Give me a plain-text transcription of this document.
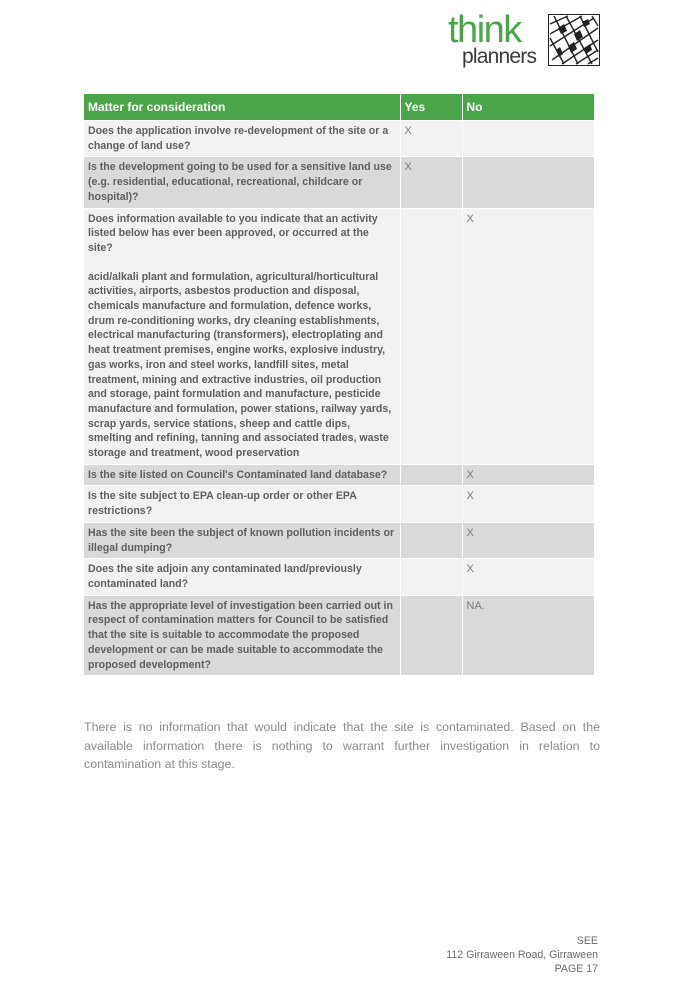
think
planners
Matter for consideration	Yes	No
Does the application involve re-development of the site or a change of land use?	X	
Is the development going to be used for a sensitive land use (e.g. residential, educational, recreational, childcare or hospital)?	X	
Does information available to you indicate that an activity listed below has ever been approved, or occurred at the site?
acid/alkali plant and formulation, agricultural/horticultural activities, airports, asbestos production and disposal, chemicals manufacture and formulation, defence works, drum re-conditioning works, dry cleaning establishments, electrical manufacturing (transformers), electroplating and heat treatment premises, engine works, explosive industry, gas works, iron and steel works, landfill sites, metal treatment, mining and extractive industries, oil production and storage, paint formulation and manufacture, pesticide manufacture and formulation, power stations, railway yards, scrap yards, service stations, sheep and cattle dips, smelting and refining, tanning and associated trades, waste storage and treatment, wood preservation		X
Is the site listed on Council's Contaminated land database?		X
Is the site subject to EPA clean-up order or other EPA restrictions?		X
Has the site been the subject of known pollution incidents or illegal dumping?		X
Does the site adjoin any contaminated land/previously contaminated land?		X
Has the appropriate level of investigation been carried out in respect of contamination matters for Council to be satisfied that the site is suitable to accommodate the proposed development or can be made suitable to accommodate the proposed development?		NA.

There is no information that would indicate that the site is contaminated. Based on the available information there is nothing to warrant further investigation in relation to contamination at this stage.

SEE
112 Girraween Road, Girraween
PAGE 17
